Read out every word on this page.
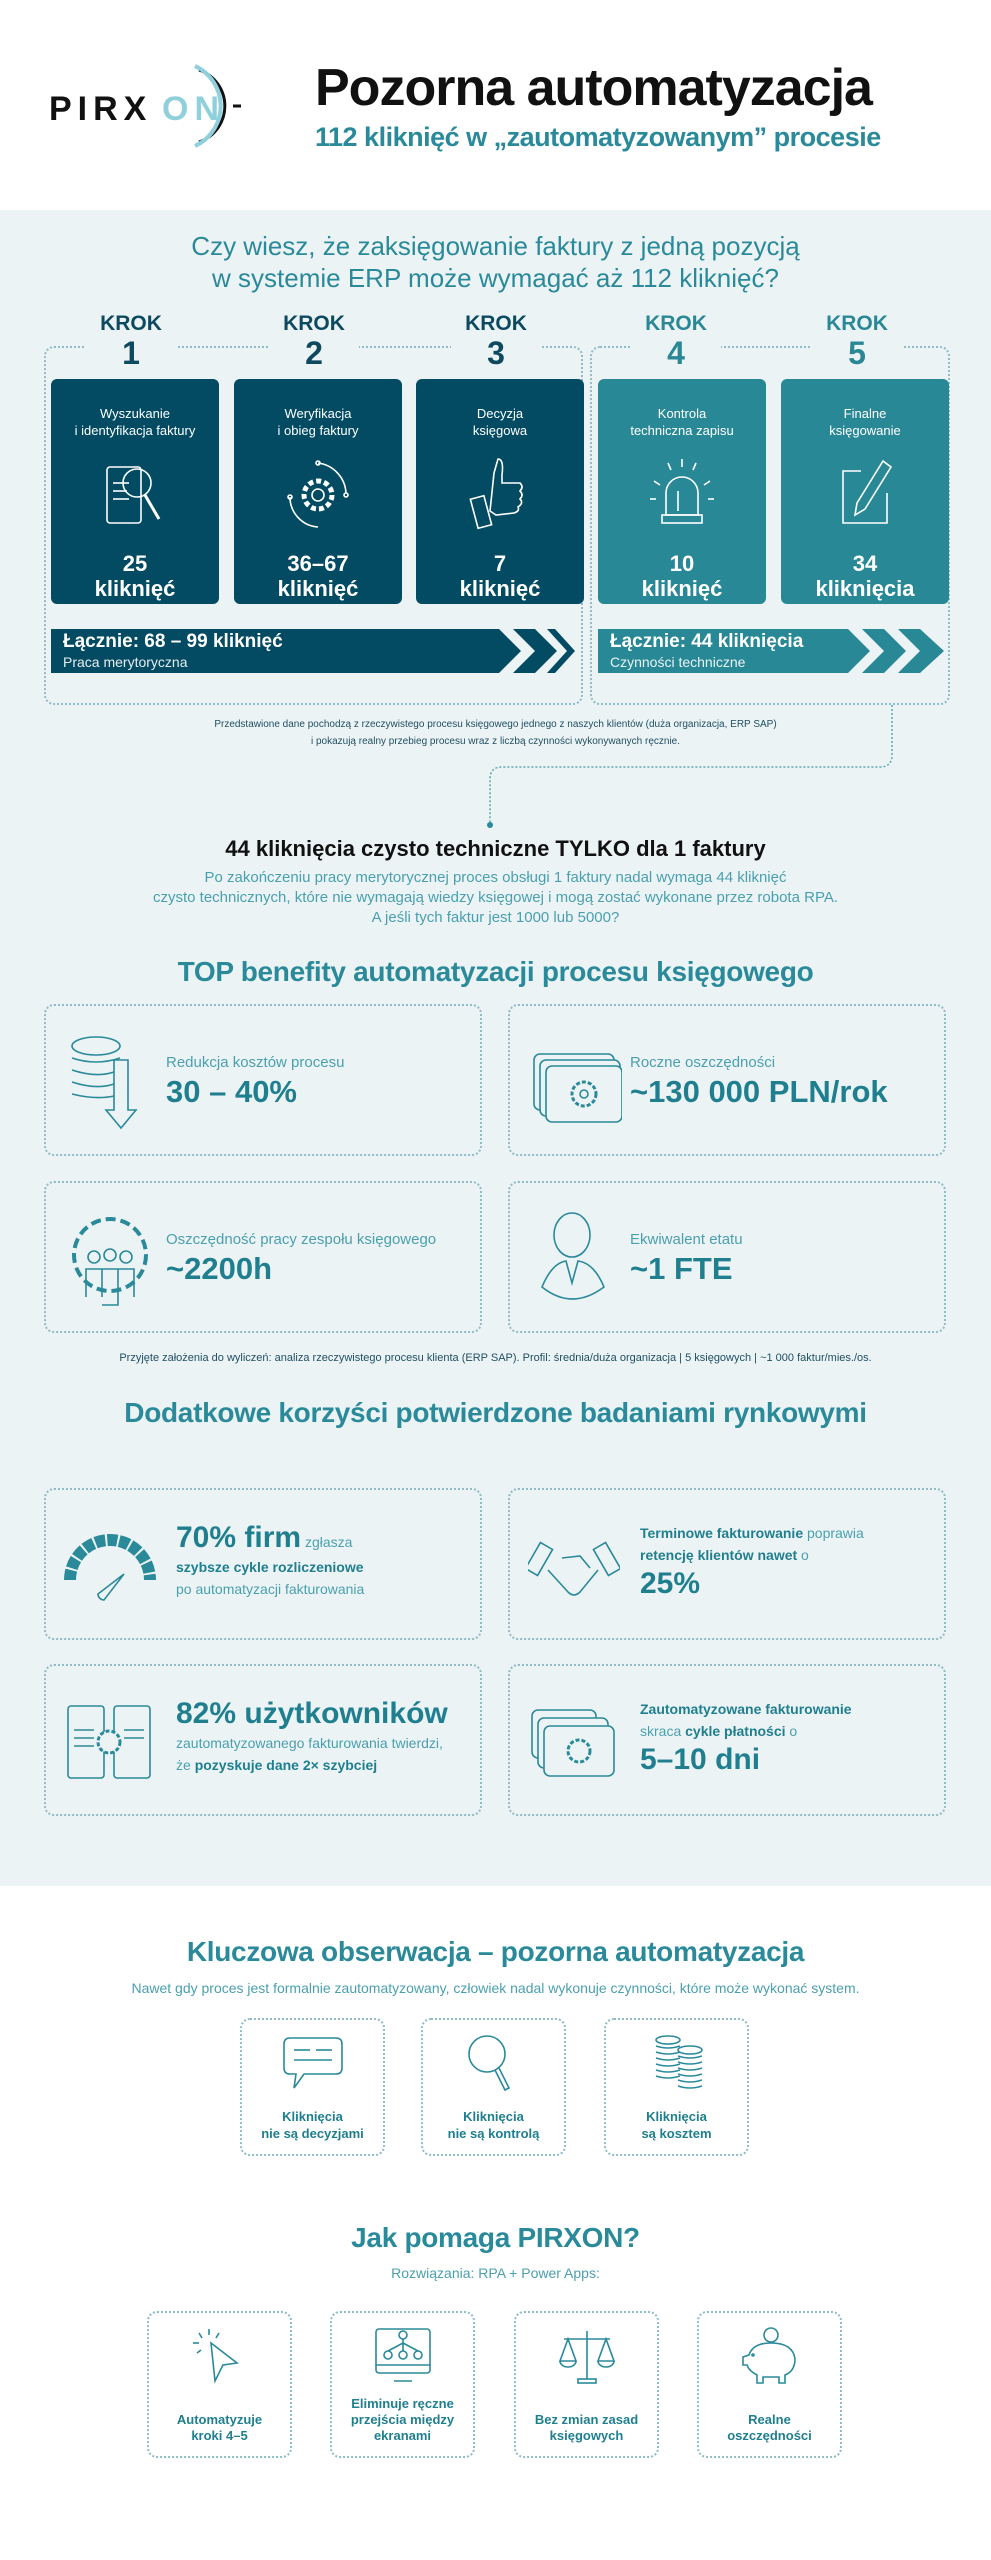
PIRX ON Pozorna automatyzacja
112 kliknięć w „zautomatyzowanym” procesie
Czy wiesz, że zaksięgowanie faktury z jedną pozycją
w systemie ERP może wymagać aż 112 kliknięć?
KROK
1
KROK
2
KROK
3
KROK
4
KROK
5
Wyszukanie
i identyfikacja faktury
25
kliknięć
Weryfikacja
i obieg faktury
36–67
kliknięć
Decyzja
księgowa
7
kliknięć
Kontrola
techniczna zapisu
10
kliknięć
Finalne
księgowanie
34
kliknięcia
Łącznie: 68 – 99 kliknięć
Praca merytoryczna
Łącznie: 44 kliknięcia
Czynności techniczne
Przedstawione dane pochodzą z rzeczywistego procesu księgowego jednego z naszych klientów (duża organizacja, ERP SAP)
i pokazują realny przebieg procesu wraz z liczbą czynności wykonywanych ręcznie.
44 kliknięcia czysto techniczne TYLKO dla 1 faktury
Po zakończeniu pracy merytorycznej proces obsługi 1 faktury nadal wymaga 44 kliknięć
czysto technicznych, które nie wymagają wiedzy księgowej i mogą zostać wykonane przez robota RPA.
A jeśli tych faktur jest 1000 lub 5000?
TOP benefity automatyzacji procesu księgowego
Redukcja kosztów procesu
30 – 40%
Roczne oszczędności
~130 000 PLN/rok
Oszczędność pracy zespołu księgowego
~2200h
Ekwiwalent etatu
~1 FTE
Przyjęte założenia do wyliczeń: analiza rzeczywistego procesu klienta (ERP SAP). Profil: średnia/duża organizacja | 5 księgowych | ~1 000 faktur/mies./os.
Dodatkowe korzyści potwierdzone badaniami rynkowymi
70% firm zgłasza
szybsze cykle rozliczeniowe
po automatyzacji fakturowania
Terminowe fakturowanie poprawia
retencję klientów nawet o
25%
82% użytkowników
zautomatyzowanego fakturowania twierdzi,
że pozyskuje dane 2× szybciej
Zautomatyzowane fakturowanie
skraca cykle płatności o
5–10 dni
Kluczowa obserwacja – pozorna automatyzacja
Nawet gdy proces jest formalnie zautomatyzowany, człowiek nadal wykonuje czynności, które może wykonać system.
Kliknięcia
nie są decyzjami
Kliknięcia
nie są kontrolą
Kliknięcia
są kosztem
Jak pomaga PIRXON?
Rozwiązania: RPA + Power Apps:
Automatyzuje
kroki 4–5
Eliminuje ręczne
przejścia między
ekranami
Bez zmian zasad
księgowych
Realne
oszczędności
